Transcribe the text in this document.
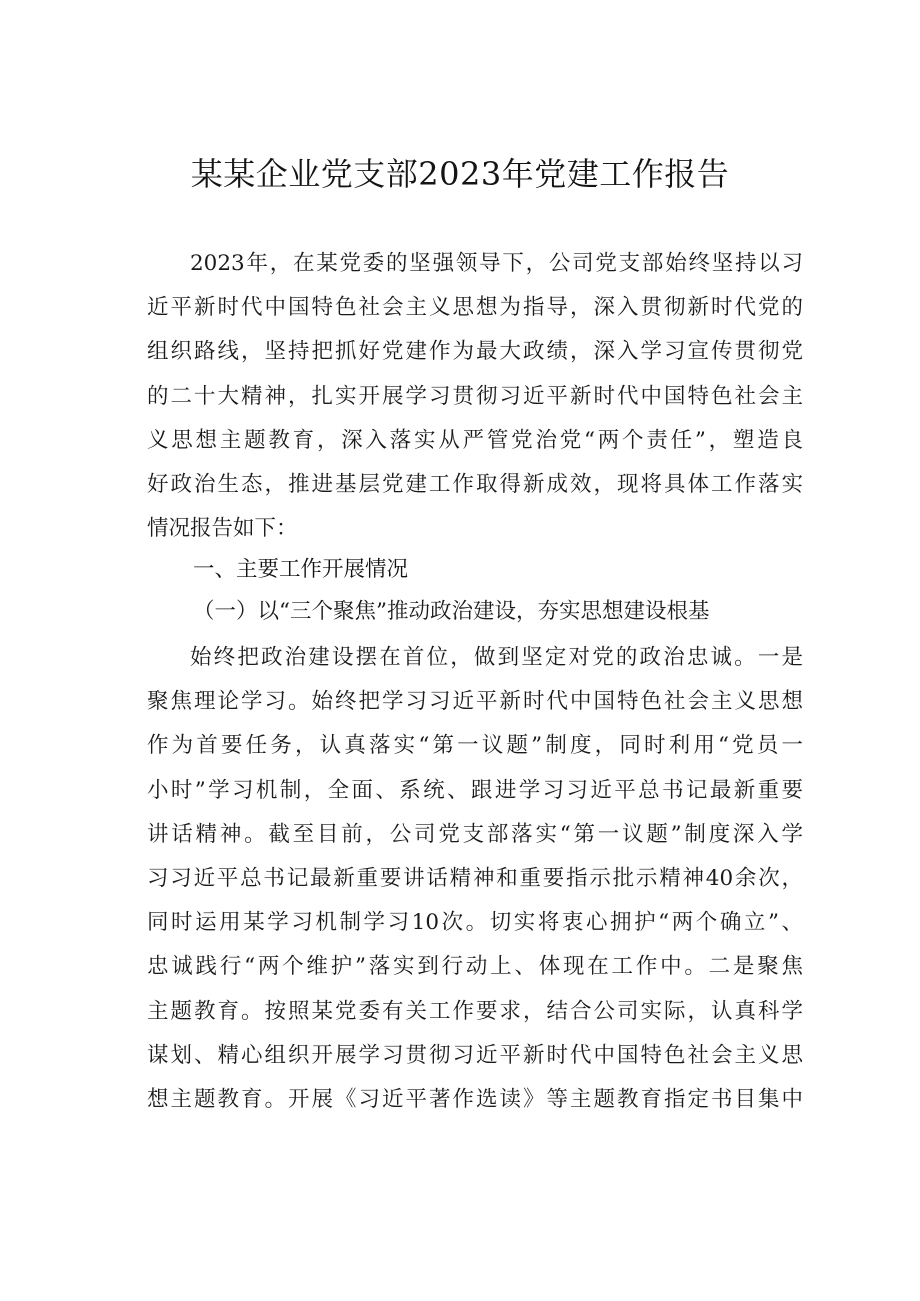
某某企业党支部2023年党建工作报告
2023年，在某党委的坚强领导下，公司党支部始终坚持以习
近平新时代中国特色社会主义思想为指导，深入贯彻新时代党的
组织路线，坚持把抓好党建作为最大政绩，深入学习宣传贯彻党
的二十大精神，扎实开展学习贯彻习近平新时代中国特色社会主
义思想主题教育，深入落实从严管党治党“两个责任”，塑造良
好政治生态，推进基层党建工作取得新成效，现将具体工作落实
情况报告如下：
一、主要工作开展情况
（一）以“三个聚焦”推动政治建设，夯实思想建设根基
始终把政治建设摆在首位，做到坚定对党的政治忠诚。一是
聚焦理论学习。始终把学习习近平新时代中国特色社会主义思想
作为首要任务，认真落实“第一议题”制度，同时利用“党员一
小时”学习机制，全面、系统、跟进学习习近平总书记最新重要
讲话精神。截至目前，公司党支部落实“第一议题”制度深入学
习习近平总书记最新重要讲话精神和重要指示批示精神40余次，
同时运用某学习机制学习10次。切实将衷心拥护“两个确立”、
忠诚践行“两个维护”落实到行动上、体现在工作中。二是聚焦
主题教育。按照某党委有关工作要求，结合公司实际，认真科学
谋划、精心组织开展学习贯彻习近平新时代中国特色社会主义思
想主题教育。开展《习近平著作选读》等主题教育指定书目集中
